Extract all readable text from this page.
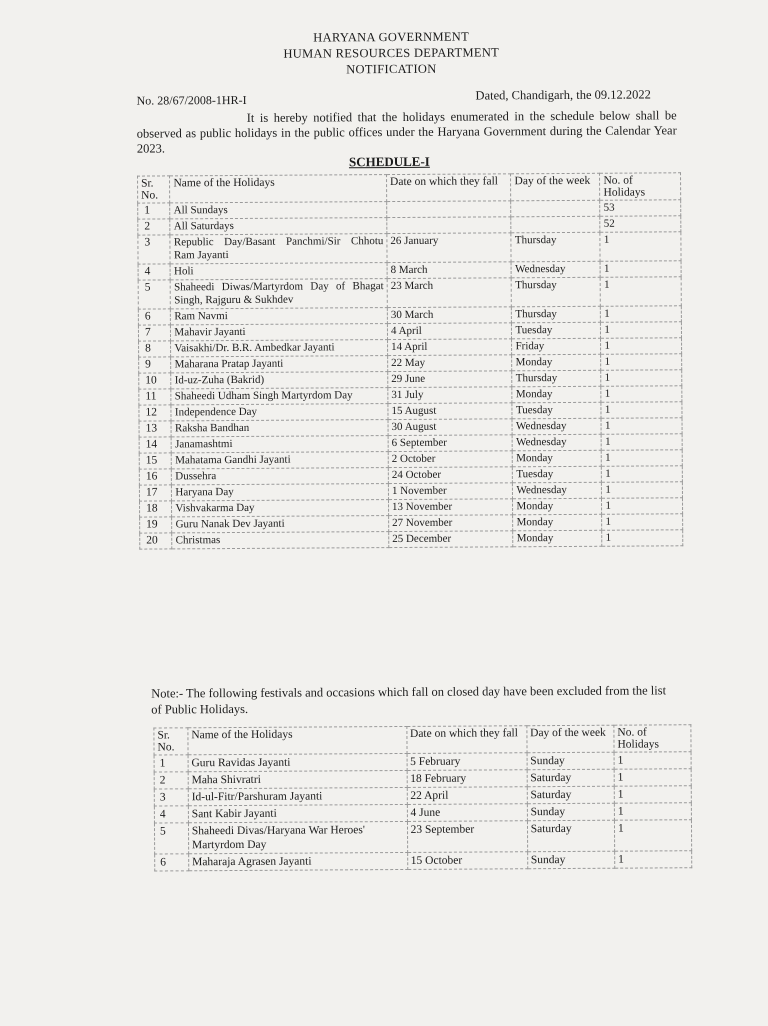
HARYANA GOVERNMENT
HUMAN RESOURCES DEPARTMENT
NOTIFICATION
No. 28/67/2008-1HR-I	Dated, Chandigarh, the 09.12.2022
It is hereby notified that the holidays enumerated in the schedule below shall be observed as public holidays in the public offices under the Haryana Government during the Calendar Year 2023.
SCHEDULE-I
Sr. No.	Name of the Holidays	Date on which they fall	Day of the week	No. of Holidays
1	All Sundays			53
2	All Saturdays			52
3	Republic Day/Basant Panchmi/Sir Chhotu Ram Jayanti	26 January	Thursday	1
4	Holi	8 March	Wednesday	1
5	Shaheedi Diwas/Martyrdom Day of Bhagat Singh, Rajguru & Sukhdev	23 March	Thursday	1
6	Ram Navmi	30 March	Thursday	1
7	Mahavir Jayanti	4 April	Tuesday	1
8	Vaisakhi/Dr. B.R. Ambedkar Jayanti	14 April	Friday	1
9	Maharana Pratap Jayanti	22 May	Monday	1
10	Id-uz-Zuha (Bakrid)	29 June	Thursday	1
11	Shaheedi Udham Singh Martyrdom Day	31 July	Monday	1
12	Independence Day	15 August	Tuesday	1
13	Raksha Bandhan	30 August	Wednesday	1
14	Janamashtmi	6 September	Wednesday	1
15	Mahatama Gandhi Jayanti	2 October	Monday	1
16	Dussehra	24 October	Tuesday	1
17	Haryana Day	1 November	Wednesday	1
18	Vishvakarma Day	13 November	Monday	1
19	Guru Nanak Dev Jayanti	27 November	Monday	1
20	Christmas	25 December	Monday	1
Note:- The following festivals and occasions which fall on closed day have been excluded from the list of Public Holidays.
Sr. No.	Name of the Holidays	Date on which they fall	Day of the week	No. of Holidays
1	Guru Ravidas Jayanti	5 February	Sunday	1
2	Maha Shivratri	18 February	Saturday	1
3	Id-ul-Fitr/Parshuram Jayanti	22 April	Saturday	1
4	Sant Kabir Jayanti	4 June	Sunday	1
5	Shaheedi Divas/Haryana War Heroes' Martyrdom Day	23 September	Saturday	1
6	Maharaja Agrasen Jayanti	15 October	Sunday	1
